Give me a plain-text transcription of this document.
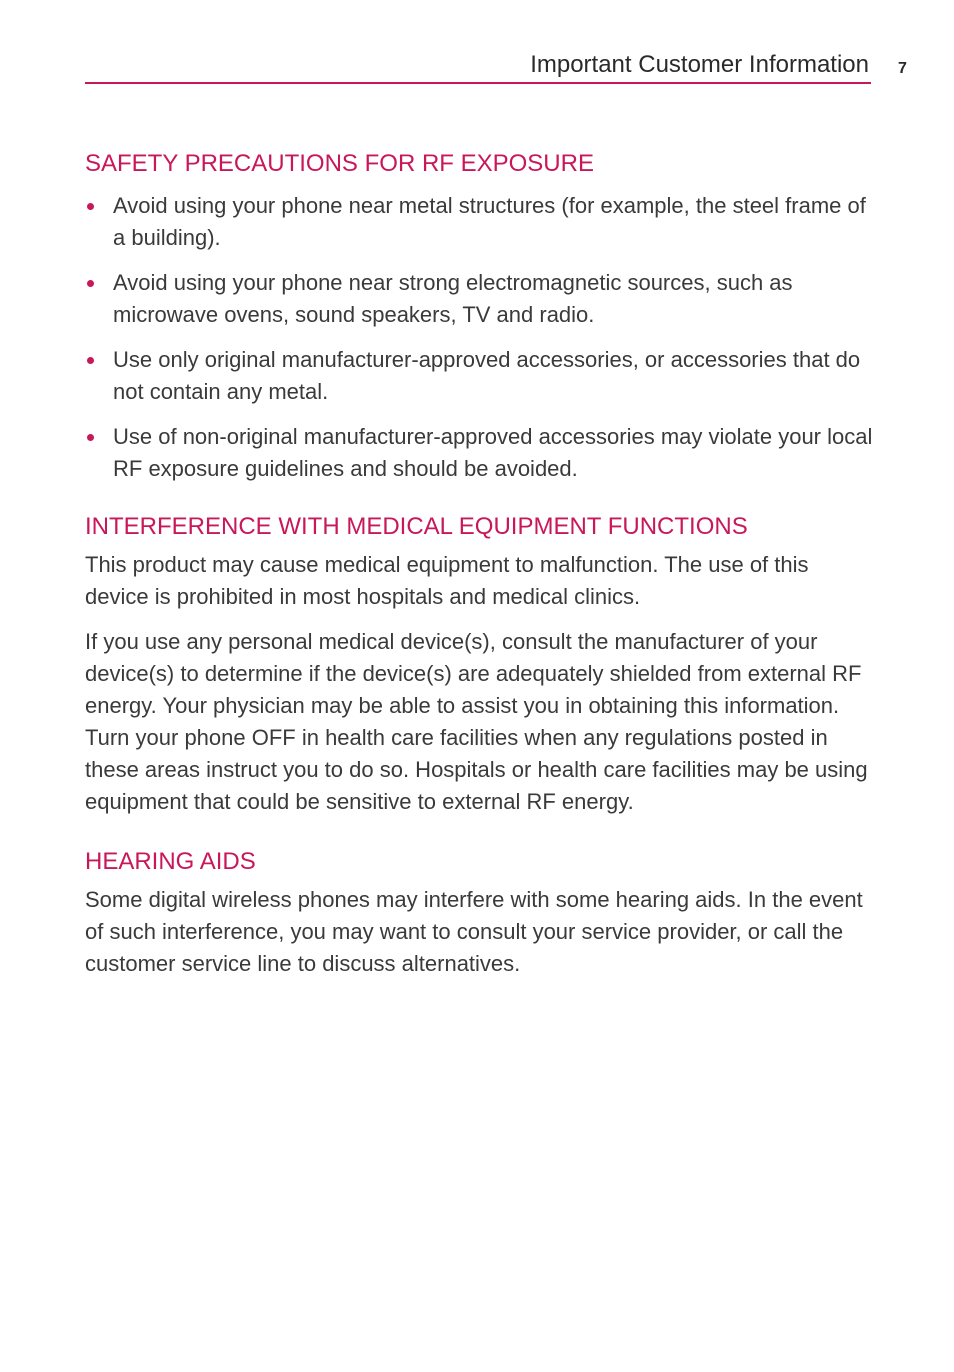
Important Customer Information 7
SAFETY PRECAUTIONS FOR RF EXPOSURE
Avoid using your phone near metal structures (for example, the steel frame of a building).
Avoid using your phone near strong electromagnetic sources, such as microwave ovens, sound speakers, TV and radio.
Use only original manufacturer-approved accessories, or accessories that do not contain any metal.
Use of non-original manufacturer-approved accessories may violate your local RF exposure guidelines and should be avoided.
INTERFERENCE WITH MEDICAL EQUIPMENT FUNCTIONS

This product may cause medical equipment to malfunction. The use of this device is prohibited in most hospitals and medical clinics.

If you use any personal medical device(s), consult the manufacturer of your device(s) to determine if the device(s) are adequately shielded from external RF energy. Your physician may be able to assist you in obtaining this information. Turn your phone OFF in health care facilities when any regulations posted in these areas instruct you to do so. Hospitals or health care facilities may be using equipment that could be sensitive to external RF energy.

HEARING AIDS

Some digital wireless phones may interfere with some hearing aids. In the event of such interference, you may want to consult your service provider, or call the customer service line to discuss alternatives.
